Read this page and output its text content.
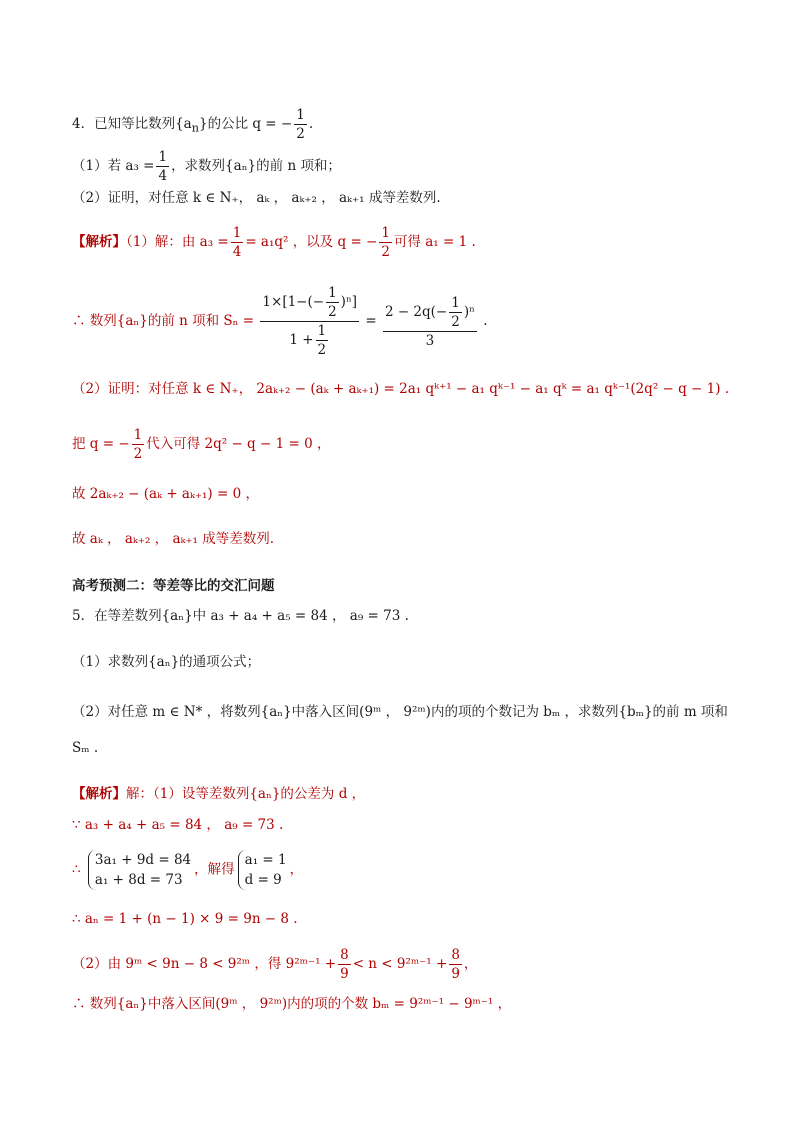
4．已知等比数列$\{a_n\}$的公比 q = − $\frac{1}{2}$ .
（1）若 $a_3 = \frac{1}{4}$ ，求数列{aₙ}的前 n 项和；
（2）证明，对任意 k ∈ N₊， aₖ ， aₖ₊₂ ， aₖ₊₁ 成等差数列.
【解析】（1）解：由 $a_3 = \frac{1}{4} = a_1q^2$ ，以及 q = − $\frac{1}{2}$ 可得 a₁ = 1 .
∴ 数列{aₙ}的前 n 项和 $S_n = \frac{1\times[1-(- \frac{1}{2} )^n]}{1 + \frac{1}{2}} = \frac{2 - 2q(- \frac{1}{2} )^n}{3}$ .
（2）证明：对任意 k ∈ N₊， 2aₖ₊₂ − (aₖ + aₖ₊₁) = 2a₁ qᵏ⁺¹ − a₁ qᵏ⁻¹ − a₁ qᵏ = a₁ qᵏ⁻¹(2q² − q − 1) .
把 q = − $\frac{1}{2}$ 代入可得 2q² − q − 1 = 0 ，
故 2aₖ₊₂ − (aₖ + aₖ₊₁) = 0 ，
故 aₖ ， aₖ₊₂ ， aₖ₊₁ 成等差数列.
高考预测二：等差等比的交汇问题
5．在等差数列{aₙ}中 a₃ + a₄ + a₅ = 84 ， a₉ = 73 .
（1）求数列{aₙ}的通项公式；
（2）对任意 m ∈ N* ，将数列{aₙ}中落入区间(9ᵐ ， 9²ᵐ)内的项的个数记为 bₘ ，求数列{bₘ}的前 m 项和
Sₘ .
【解析】解：（1）设等差数列{aₙ}的公差为 d ，
∵ a₃ + a₄ + a₅ = 84 ， a₉ = 73 .
∴
3a₁ + 9d = 84
a₁ + 8d = 73
，解得
a₁ = 1
d = 9
，
∴ aₙ = 1 + (n − 1) × 9 = 9n − 8 .
（2）由 9ᵐ < 9n − 8 < 9²ᵐ ，得 9²ᵐ⁻¹ + $\frac{8}{9} < n$ < 9²ᵐ⁻¹ + $\frac{8}{9}$ ，
∴ 数列{aₙ}中落入区间(9ᵐ ， 9²ᵐ)内的项的个数 bₘ = 9²ᵐ⁻¹ − 9ᵐ⁻¹ ，
